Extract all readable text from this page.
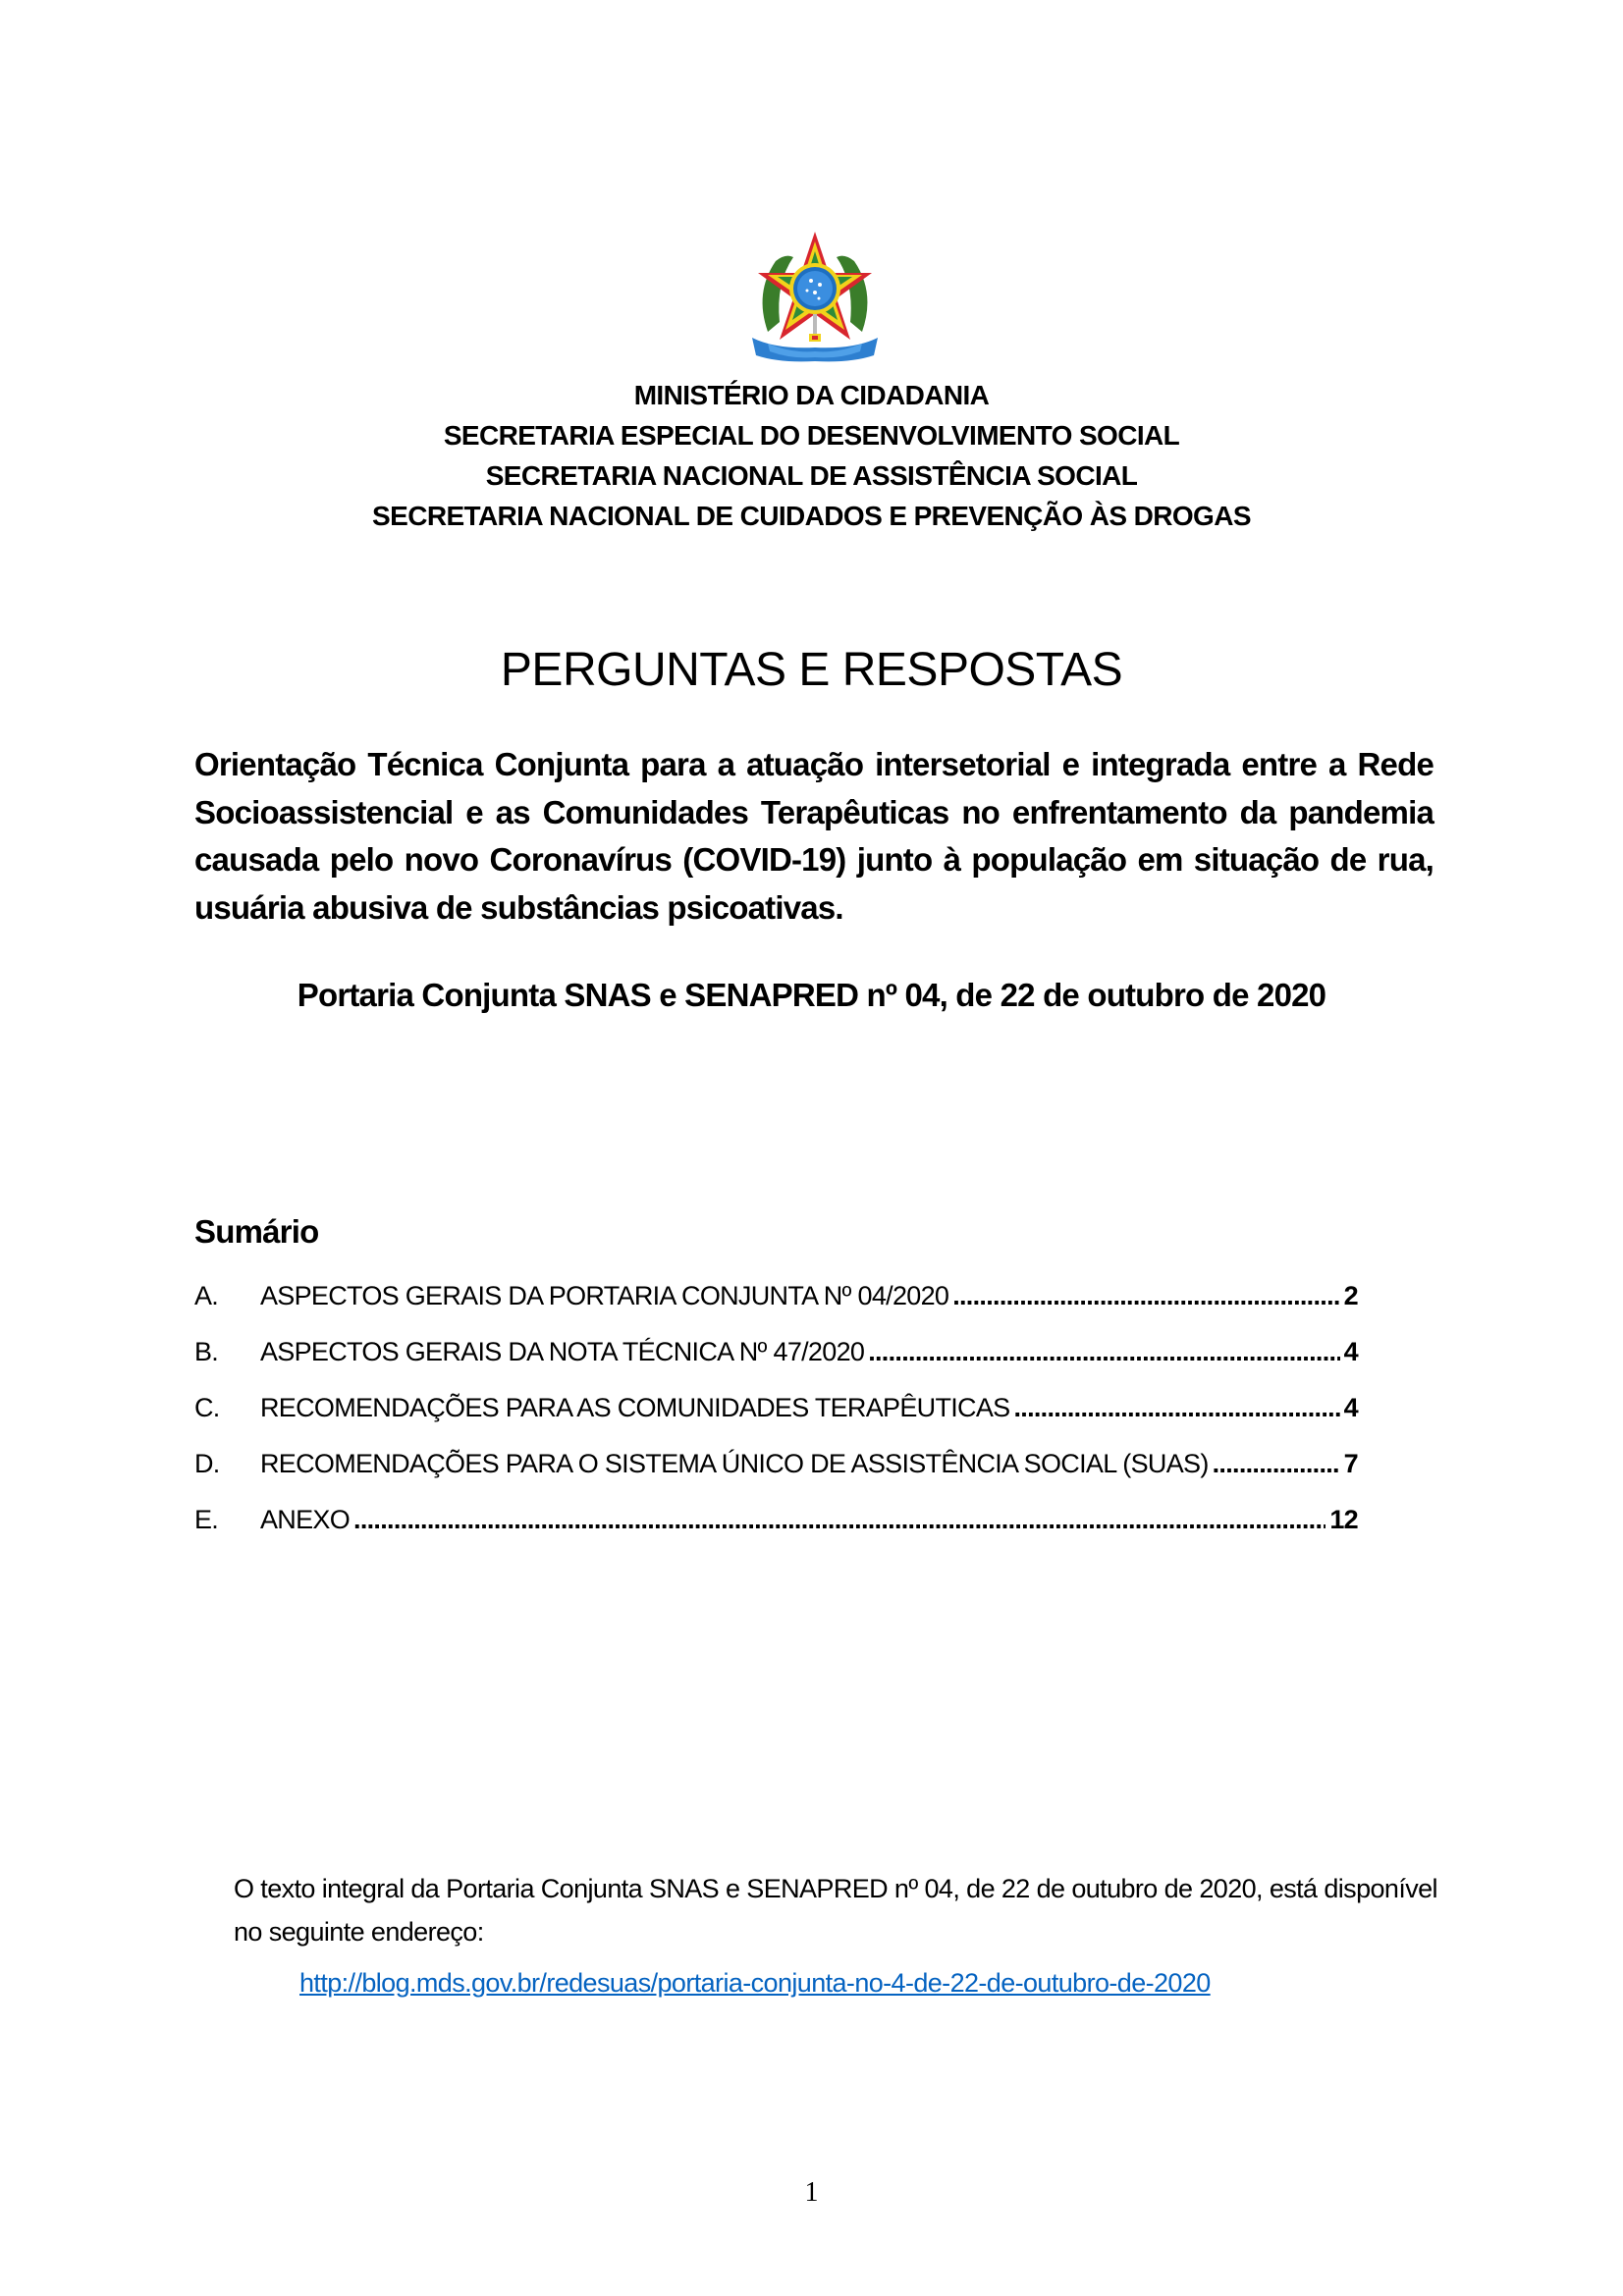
MINISTÉRIO DA CIDADANIA
SECRETARIA ESPECIAL DO DESENVOLVIMENTO SOCIAL
SECRETARIA NACIONAL DE ASSISTÊNCIA SOCIAL
SECRETARIA NACIONAL DE CUIDADOS E PREVENÇÃO ÀS DROGAS
PERGUNTAS E RESPOSTAS
Orientação Técnica Conjunta para a atuação intersetorial e integrada entre a Rede Socioassistencial e as Comunidades Terapêuticas no enfrentamento da pandemia causada pelo novo Coronavírus (COVID-19) junto à população em situação de rua, usuária abusiva de substâncias psicoativas.
Portaria Conjunta SNAS e SENAPRED nº 04, de 22 de outubro de 2020
Sumário
A.	ASPECTOS GERAIS DA PORTARIA CONJUNTA Nº 04/2020 .....	2
B.	ASPECTOS GERAIS DA NOTA TÉCNICA Nº 47/2020 .....	4
C.	RECOMENDAÇÕES PARA AS COMUNIDADES TERAPÊUTICAS .....	4
D.	RECOMENDAÇÕES PARA O SISTEMA ÚNICO DE ASSISTÊNCIA SOCIAL (SUAS) .....	7
E.	ANEXO .....	12
O texto integral da Portaria Conjunta SNAS e SENAPRED nº 04, de 22 de outubro de 2020, está disponível no seguinte endereço:
http://blog.mds.gov.br/redesuas/portaria-conjunta-no-4-de-22-de-outubro-de-2020
1
